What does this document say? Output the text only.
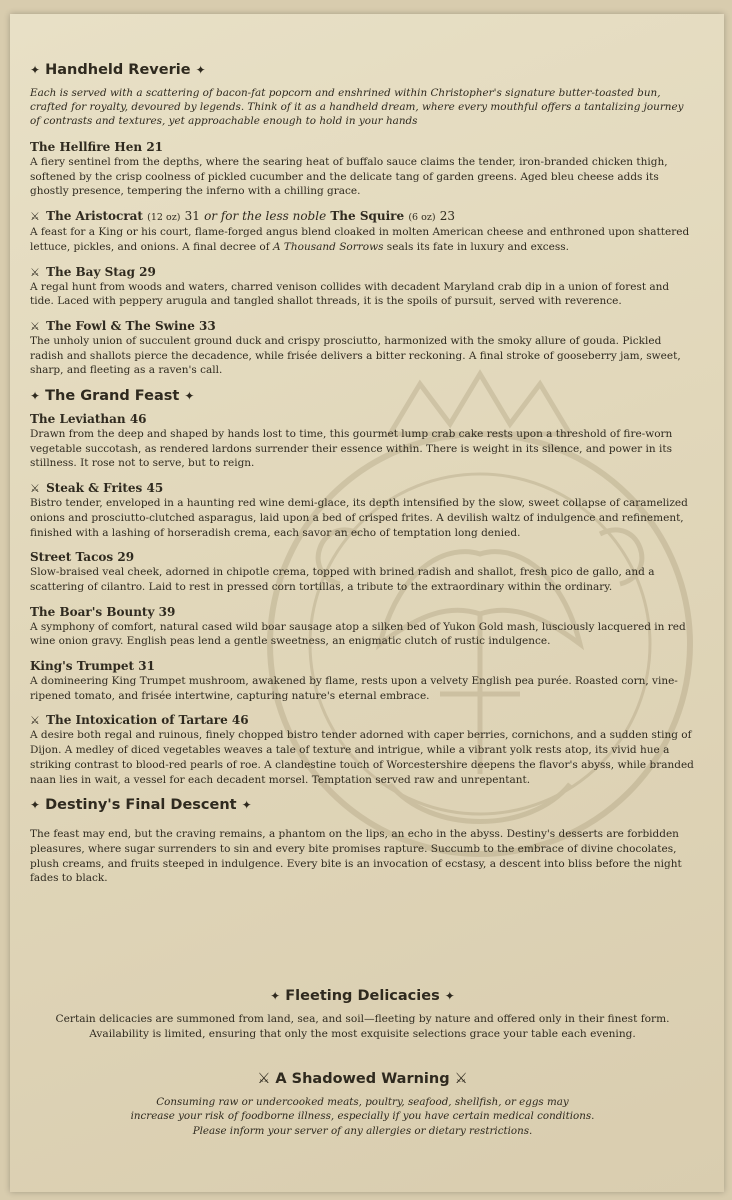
✦ Handheld Reverie ✦
Each is served with a scattering of bacon-fat popcorn and enshrined within Christopher's signature butter-toasted bun, crafted for royalty, devoured by legends. Think of it as a handheld dream, where every mouthful offers a tantalizing journey of contrasts and textures, yet approachable enough to hold in your hands
The Hellfire Hen 21
A fiery sentinel from the depths, where the searing heat of buffalo sauce claims the tender, iron-branded chicken thigh, softened by the crisp coolness of pickled cucumber and the delicate tang of garden greens. Aged bleu cheese adds its ghostly presence, tempering the inferno with a chilling grace.
⚔ The Aristocrat (12 oz) 31 or for the less noble The Squire (6 oz) 23
A feast for a King or his court, flame-forged angus blend cloaked in molten American cheese and enthroned upon shattered lettuce, pickles, and onions. A final decree of A Thousand Sorrows seals its fate in luxury and excess.
⚔ The Bay Stag 29
A regal hunt from woods and waters, charred venison collides with decadent Maryland crab dip in a union of forest and tide. Laced with peppery arugula and tangled shallot threads, it is the spoils of pursuit, served with reverence.
⚔ The Fowl & The Swine 33
The unholy union of succulent ground duck and crispy prosciutto, harmonized with the smoky allure of gouda. Pickled radish and shallots pierce the decadence, while frisée delivers a bitter reckoning. A final stroke of gooseberry jam, sweet, sharp, and fleeting as a raven's call.
✦ The Grand Feast ✦
The Leviathan 46
Drawn from the deep and shaped by hands lost to time, this gourmet lump crab cake rests upon a threshold of fire-worn vegetable succotash, as rendered lardons surrender their essence within. There is weight in its silence, and power in its stillness. It rose not to serve, but to reign.
⚔ Steak & Frites 45
Bistro tender, enveloped in a haunting red wine demi-glace, its depth intensified by the slow, sweet collapse of caramelized onions and prosciutto-clutched asparagus, laid upon a bed of crisped frites. A devilish waltz of indulgence and refinement, finished with a lashing of horseradish crema, each savor an echo of temptation long denied.
Street Tacos 29
Slow-braised veal cheek, adorned in chipotle crema, topped with brined radish and shallot, fresh pico de gallo, and a scattering of cilantro. Laid to rest in pressed corn tortillas, a tribute to the extraordinary within the ordinary.
The Boar's Bounty 39
A symphony of comfort, natural cased wild boar sausage atop a silken bed of Yukon Gold mash, lusciously lacquered in red wine onion gravy. English peas lend a gentle sweetness, an enigmatic clutch of rustic indulgence.
King's Trumpet 31
A domineering King Trumpet mushroom, awakened by flame, rests upon a velvety English pea purée. Roasted corn, vine-ripened tomato, and frisée intertwine, capturing nature's eternal embrace.
⚔ The Intoxication of Tartare 46
A desire both regal and ruinous, finely chopped bistro tender adorned with caper berries, cornichons, and a sudden sting of Dijon. A medley of diced vegetables weaves a tale of texture and intrigue, while a vibrant yolk rests atop, its vivid hue a striking contrast to blood-red pearls of roe. A clandestine touch of Worcestershire deepens the flavor's abyss, while branded naan lies in wait, a vessel for each decadent morsel. Temptation served raw and unrepentant.
✦ Destiny's Final Descent ✦
The feast may end, but the craving remains, a phantom on the lips, an echo in the abyss. Destiny's desserts are forbidden pleasures, where sugar surrenders to sin and every bite promises rapture. Succumb to the embrace of divine chocolates, plush creams, and fruits steeped in indulgence. Every bite is an invocation of ecstasy, a descent into bliss before the night fades to black.
✦ Fleeting Delicacies ✦
Certain delicacies are summoned from land, sea, and soil—fleeting by nature and offered only in their finest form.
Availability is limited, ensuring that only the most exquisite selections grace your table each evening.
⚔ A Shadowed Warning ⚔
Consuming raw or undercooked meats, poultry, seafood, shellfish, or eggs may
increase your risk of foodborne illness, especially if you have certain medical conditions.
Please inform your server of any allergies or dietary restrictions.
